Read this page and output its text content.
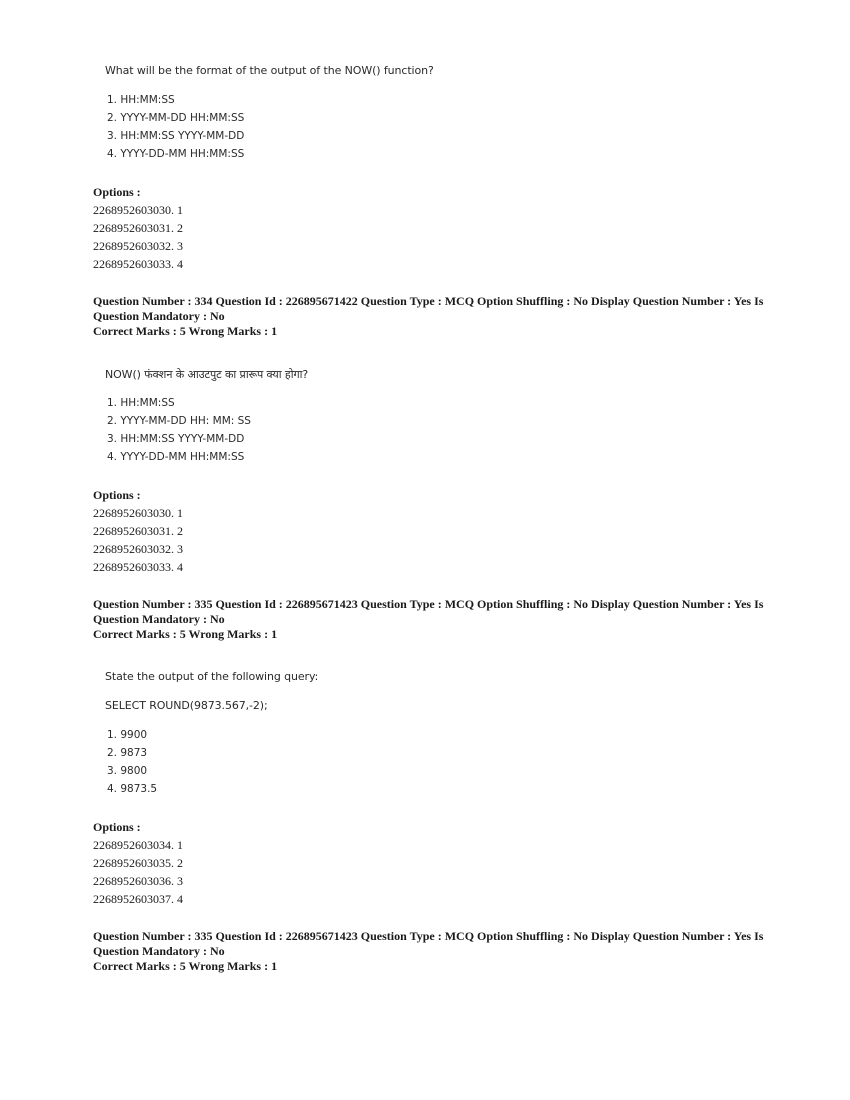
What will be the format of the output of the NOW() function?
1. HH:MM:SS
2. YYYY-MM-DD HH:MM:SS
3. HH:MM:SS YYYY-MM-DD
4. YYYY-DD-MM HH:MM:SS
Options :
2268952603030. 1
2268952603031. 2
2268952603032. 3
2268952603033. 4
Question Number : 334 Question Id : 226895671422 Question Type : MCQ Option Shuffling : No Display Question Number : Yes Is
Question Mandatory : No
Correct Marks : 5 Wrong Marks : 1
NOW() फंक्शन के आउटपुट का प्रारूप क्या होगा?
1. HH:MM:SS
2. YYYY-MM-DD HH: MM: SS
3. HH:MM:SS YYYY-MM-DD
4. YYYY-DD-MM HH:MM:SS
Options :
2268952603030. 1
2268952603031. 2
2268952603032. 3
2268952603033. 4
Question Number : 335 Question Id : 226895671423 Question Type : MCQ Option Shuffling : No Display Question Number : Yes Is
Question Mandatory : No
Correct Marks : 5 Wrong Marks : 1
State the output of the following query:
SELECT ROUND(9873.567,-2);
1. 9900
2. 9873
3. 9800
4. 9873.5
Options :
2268952603034. 1
2268952603035. 2
2268952603036. 3
2268952603037. 4
Question Number : 335 Question Id : 226895671423 Question Type : MCQ Option Shuffling : No Display Question Number : Yes Is
Question Mandatory : No
Correct Marks : 5 Wrong Marks : 1
